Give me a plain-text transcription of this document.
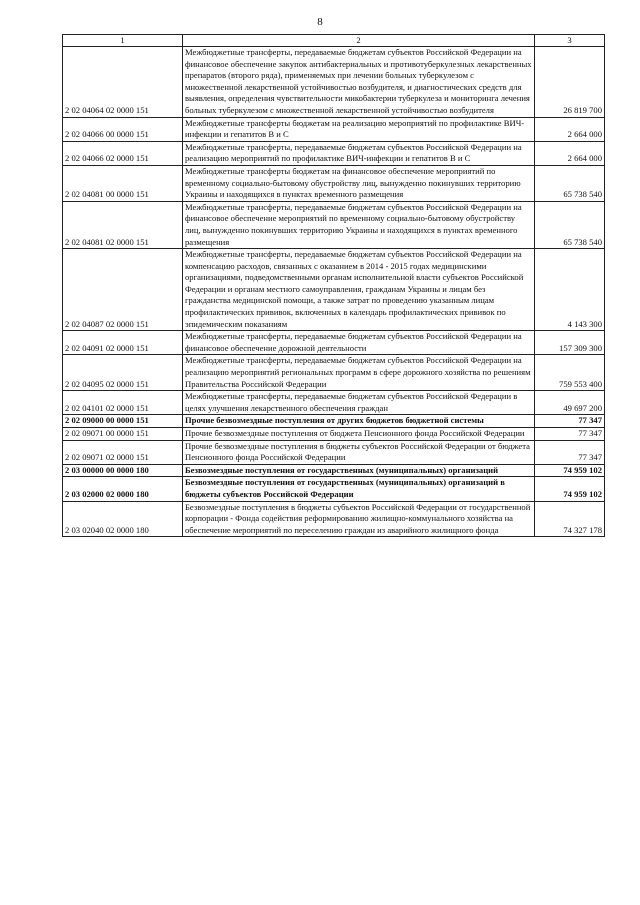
8
1	2	3
2 02 04064 02 0000 151	Межбюджетные трансферты, передаваемые бюджетам субъектов Российской Федерации на финансовое обеспечение закупок антибактериальных и противотуберкулезных лекарственных препаратов (второго ряда), применяемых при лечении больных туберкулезом с множественной лекарственной устойчивостью возбудителя, и диагностических средств для выявления, определения чувствительности микобактерии туберкулеза и мониторинга лечения больных туберкулезом с множественной лекарственной устойчивостью возбудителя	26 819 700
2 02 04066 00 0000 151	Межбюджетные трансферты бюджетам на реализацию мероприятий по профилактике ВИЧ-инфекции и гепатитов В и С	2 664 000
2 02 04066 02 0000 151	Межбюджетные трансферты, передаваемые бюджетам субъектов Российской Федерации на реализацию мероприятий по профилактике ВИЧ-инфекции и гепатитов В и С	2 664 000
2 02 04081 00 0000 151	Межбюджетные трансферты бюджетам на финансовое обеспечение мероприятий по временному социально-бытовому обустройству лиц, вынужденно покинувших территорию Украины и находящихся в пунктах временного размещения	65 738 540
2 02 04081 02 0000 151	Межбюджетные трансферты, передаваемые бюджетам субъектов Российской Федерации на финансовое обеспечение мероприятий по временному социально-бытовому обустройству лиц, вынужденно покинувших территорию Украины и находящихся в пунктах временного размещения	65 738 540
2 02 04087 02 0000 151	Межбюджетные трансферты, передаваемые бюджетам субъектов Российской Федерации на компенсацию расходов, связанных с оказанием в 2014 - 2015 годах медицинскими организациями, подведомственными органам исполнительной власти субъектов Российской Федерации и органам местного самоуправления, гражданам Украины и лицам без гражданства медицинской помощи, а также затрат по проведению указанным лицам профилактических прививок, включенных в календарь профилактических прививок по эпидемическим показаниям	4 143 300
2 02 04091 02 0000 151	Межбюджетные трансферты, передаваемые бюджетам субъектов Российской Федерации на финансовое обеспечение дорожной деятельности	157 309 300
2 02 04095 02 0000 151	Межбюджетные трансферты, передаваемые бюджетам субъектов Российской Федерации на реализацию мероприятий региональных программ в сфере дорожного хозяйства по решениям Правительства Российской Федерации	759 553 400
2 02 04101 02 0000 151	Межбюджетные трансферты, передаваемые бюджетам субъектов Российской Федерации в целях улучшения лекарственного обеспечения граждан	49 697 200
2 02 09000 00 0000 151	Прочие безвозмездные поступления от других бюджетов бюджетной системы	77 347
2 02 09071 00 0000 151	Прочие безвозмездные поступления от бюджета Пенсионного фонда Российской Федерации	77 347
2 02 09071 02 0000 151	Прочие безвозмездные поступления в бюджеты субъектов Российской Федерации от бюджета Пенсионного фонда Российской Федерации	77 347
2 03 00000 00 0000 180	Безвозмездные поступления от государственных (муниципальных) организаций	74 959 102
2 03 02000 02 0000 180	Безвозмездные поступления от государственных (муниципальных) организаций в бюджеты субъектов Российской Федерации	74 959 102
2 03 02040 02 0000 180	Безвозмездные поступления в бюджеты субъектов Российской Федерации от государственной корпорации - Фонда содействия реформированию жилищно-коммунального хозяйства на обеспечение мероприятий по переселению граждан из аварийного жилищного фонда	74 327 178
